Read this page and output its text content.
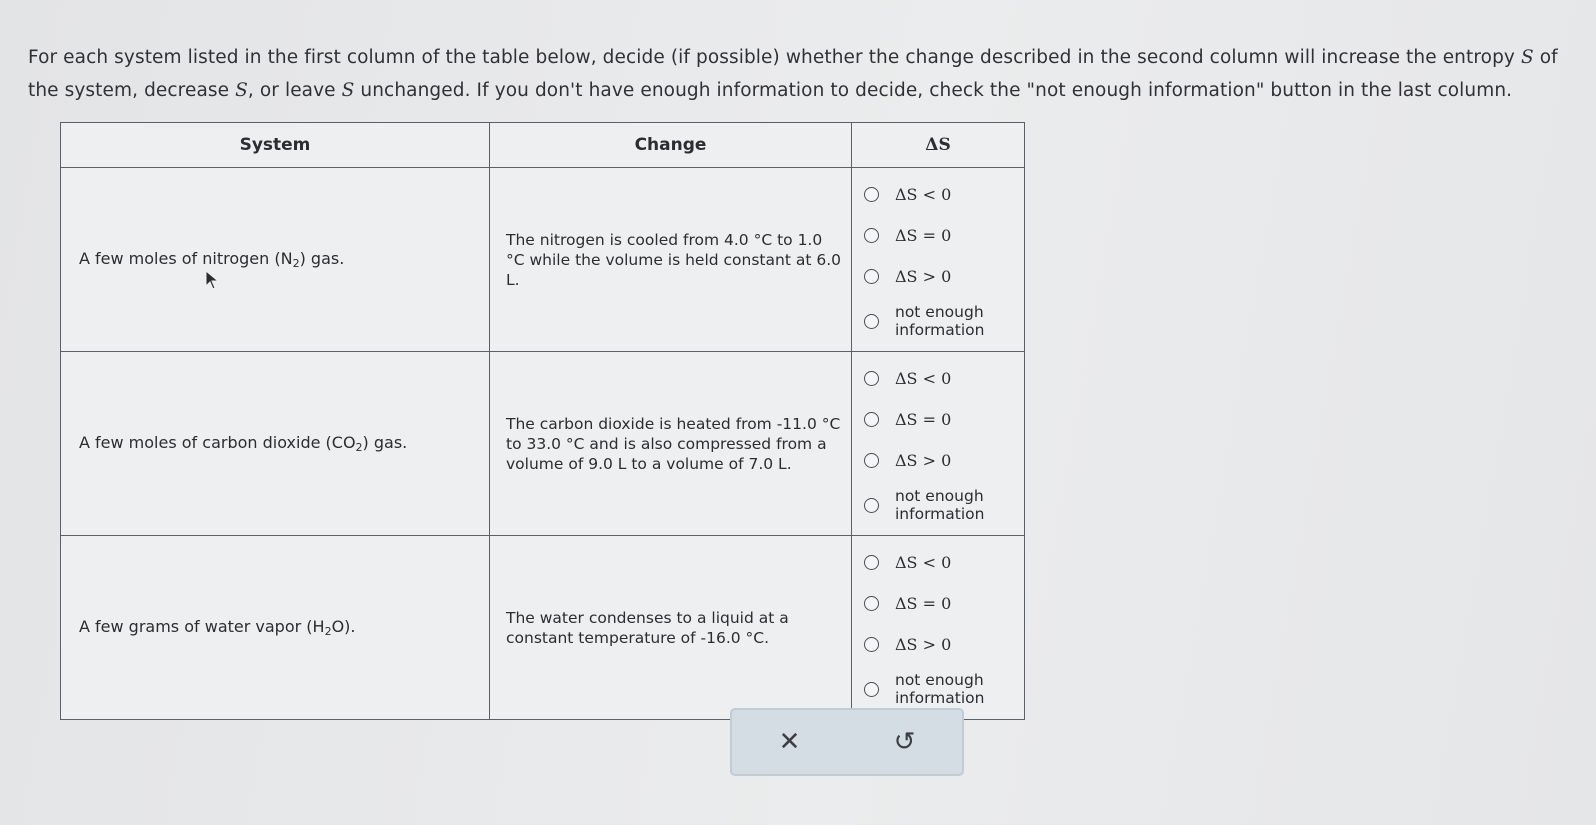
For each system listed in the first column of the table below, decide (if possible) whether the change described in the second column will increase the entropy S of the system, decrease S, or leave S unchanged. If you don't have enough information to decide, check the "not enough information" button in the last column.

System	Change	ΔS
A few moles of nitrogen $(N_2)$ gas.	The nitrogen is cooled from 4.0 °C to 1.0 °C while the volume is held constant at 6.0 L.	ΔS < 0
ΔS = 0
ΔS > 0
not enough information

A few moles of carbon dioxide $(CO_2)$ gas.	The carbon dioxide is heated from -11.0 °C to 33.0 °C and is also compressed from a volume of 9.0 L to a volume of 7.0 L.	ΔS < 0
ΔS = 0
ΔS > 0
not enough information

A few grams of water vapor $(H_2O)$.	The water condenses to a liquid at a constant temperature of -16.0 °C.	ΔS < 0
ΔS = 0
ΔS > 0
not enough information
✕	↺
